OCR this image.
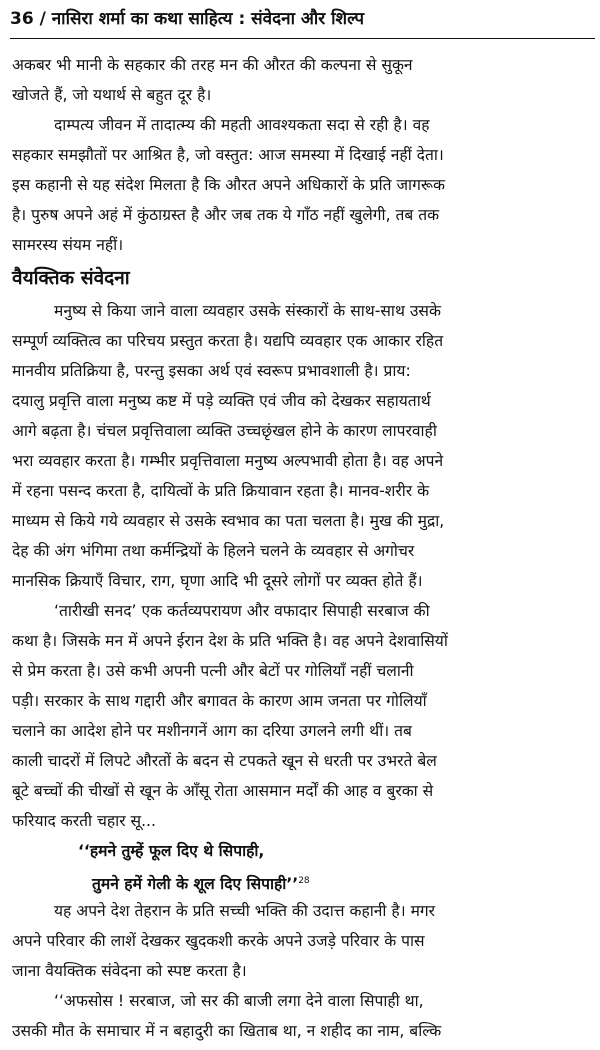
36 / नासिरा शर्मा का कथा साहित्य : संवेदना और शिल्प
अकबर भी मानी के सहकार की तरह मन की औरत की कल्पना से सुकून
खोजते हैं, जो यथार्थ से बहुत दूर है।
दाम्पत्य जीवन में तादात्म्य की महती आवश्यकता सदा से रही है। वह
सहकार समझौतों पर आश्रित है, जो वस्तुत: आज समस्या में दिखाई नहीं देता।
इस कहानी से यह संदेश मिलता है कि औरत अपने अधिकारों के प्रति जागरूक
है। पुरुष अपने अहं में कुंठाग्रस्त है और जब तक ये गाँठ नहीं खुलेगी, तब तक
सामरस्य संयम नहीं।
वैयक्तिक संवेदना
मनुष्य से किया जाने वाला व्यवहार उसके संस्कारों के साथ-साथ उसके
सम्पूर्ण व्यक्तित्व का परिचय प्रस्तुत करता है। यद्यपि व्यवहार एक आकार रहित
मानवीय प्रतिक्रिया है, परन्तु इसका अर्थ एवं स्वरूप प्रभावशाली है। प्राय:
दयालु प्रवृत्ति वाला मनुष्य कष्ट में पड़े व्यक्ति एवं जीव को देखकर सहायतार्थ
आगे बढ़ता है। चंचल प्रवृत्तिवाला व्यक्ति उच्चछृंखल होने के कारण लापरवाही
भरा व्यवहार करता है। गम्भीर प्रवृत्तिवाला मनुष्य अल्पभावी होता है। वह अपने
में रहना पसन्द करता है, दायित्वों के प्रति क्रियावान रहता है। मानव-शरीर के
माध्यम से किये गये व्यवहार से उसके स्वभाव का पता चलता है। मुख की मुद्रा,
देह की अंग भंगिमा तथा कर्मन्द्रियों के हिलने चलने के व्यवहार से अगोचर
मानसिक क्रियाएँ विचार, राग, घृणा आदि भी दूसरे लोगों पर व्यक्त होते हैं।
‘तारीखी सनद’ एक कर्तव्यपरायण और वफादार सिपाही सरबाज की
कथा है। जिसके मन में अपने ईरान देश के प्रति भक्ति है। वह अपने देशवासियों
से प्रेम करता है। उसे कभी अपनी पत्नी और बेटों पर गोलियाँ नहीं चलानी
पड़ी। सरकार के साथ गद्दारी और बगावत के कारण आम जनता पर गोलियाँ
चलाने का आदेश होने पर मशीनगनें आग का दरिया उगलने लगी थीं। तब
काली चादरों में लिपटे औरतों के बदन से टपकते खून से धरती पर उभरते बेल
बूटे बच्चों की चीखों से खून के आँसू रोता आसमान मर्दों की आह व बुरका से
फरियाद करती चहार सू...
‘‘हमने तुम्हें फूल दिए थे सिपाही,
तुमने हमें गेली के शूल दिए सिपाही’’$^{28}$
यह अपने देश तेहरान के प्रति सच्ची भक्ति की उदात्त कहानी है। मगर
अपने परिवार की लाशें देखकर खुदकशी करके अपने उजड़े परिवार के पास
जाना वैयक्तिक संवेदना को स्पष्ट करता है।
‘‘अफसोस ! सरबाज, जो सर की बाजी लगा देने वाला सिपाही था,
उसकी मौत के समाचार में न बहादुरी का खिताब था, न शहीद का नाम, बल्कि
